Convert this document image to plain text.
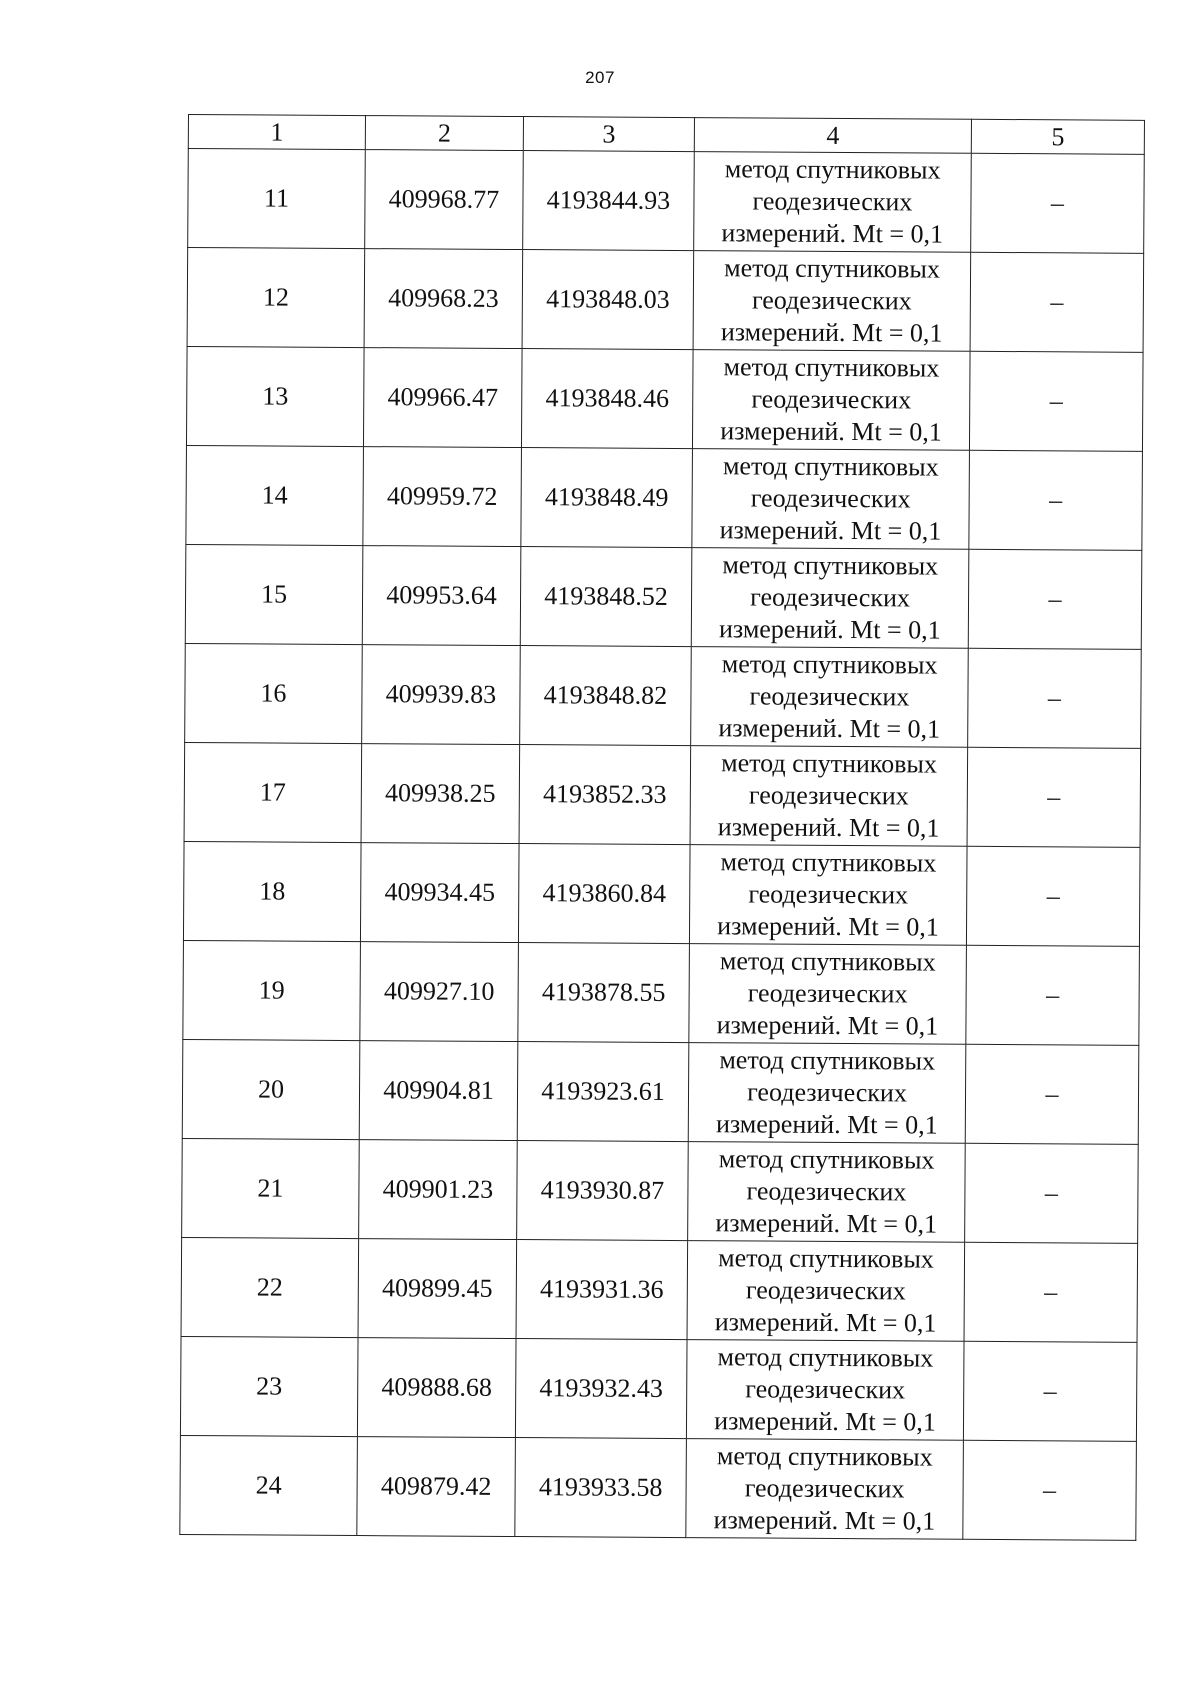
207
1	2	3	4	5
11	409968.77	4193844.93	метод спутниковых
геодезических
измерений. Mt = 0,1	–
12	409968.23	4193848.03	метод спутниковых
геодезических
измерений. Mt = 0,1	–
13	409966.47	4193848.46	метод спутниковых
геодезических
измерений. Mt = 0,1	–
14	409959.72	4193848.49	метод спутниковых
геодезических
измерений. Mt = 0,1	–
15	409953.64	4193848.52	метод спутниковых
геодезических
измерений. Mt = 0,1	–
16	409939.83	4193848.82	метод спутниковых
геодезических
измерений. Mt = 0,1	–
17	409938.25	4193852.33	метод спутниковых
геодезических
измерений. Mt = 0,1	–
18	409934.45	4193860.84	метод спутниковых
геодезических
измерений. Mt = 0,1	–
19	409927.10	4193878.55	метод спутниковых
геодезических
измерений. Mt = 0,1	–
20	409904.81	4193923.61	метод спутниковых
геодезических
измерений. Mt = 0,1	–
21	409901.23	4193930.87	метод спутниковых
геодезических
измерений. Mt = 0,1	–
22	409899.45	4193931.36	метод спутниковых
геодезических
измерений. Mt = 0,1	–
23	409888.68	4193932.43	метод спутниковых
геодезических
измерений. Mt = 0,1	–
24	409879.42	4193933.58	метод спутниковых
геодезических
измерений. Mt = 0,1	–
